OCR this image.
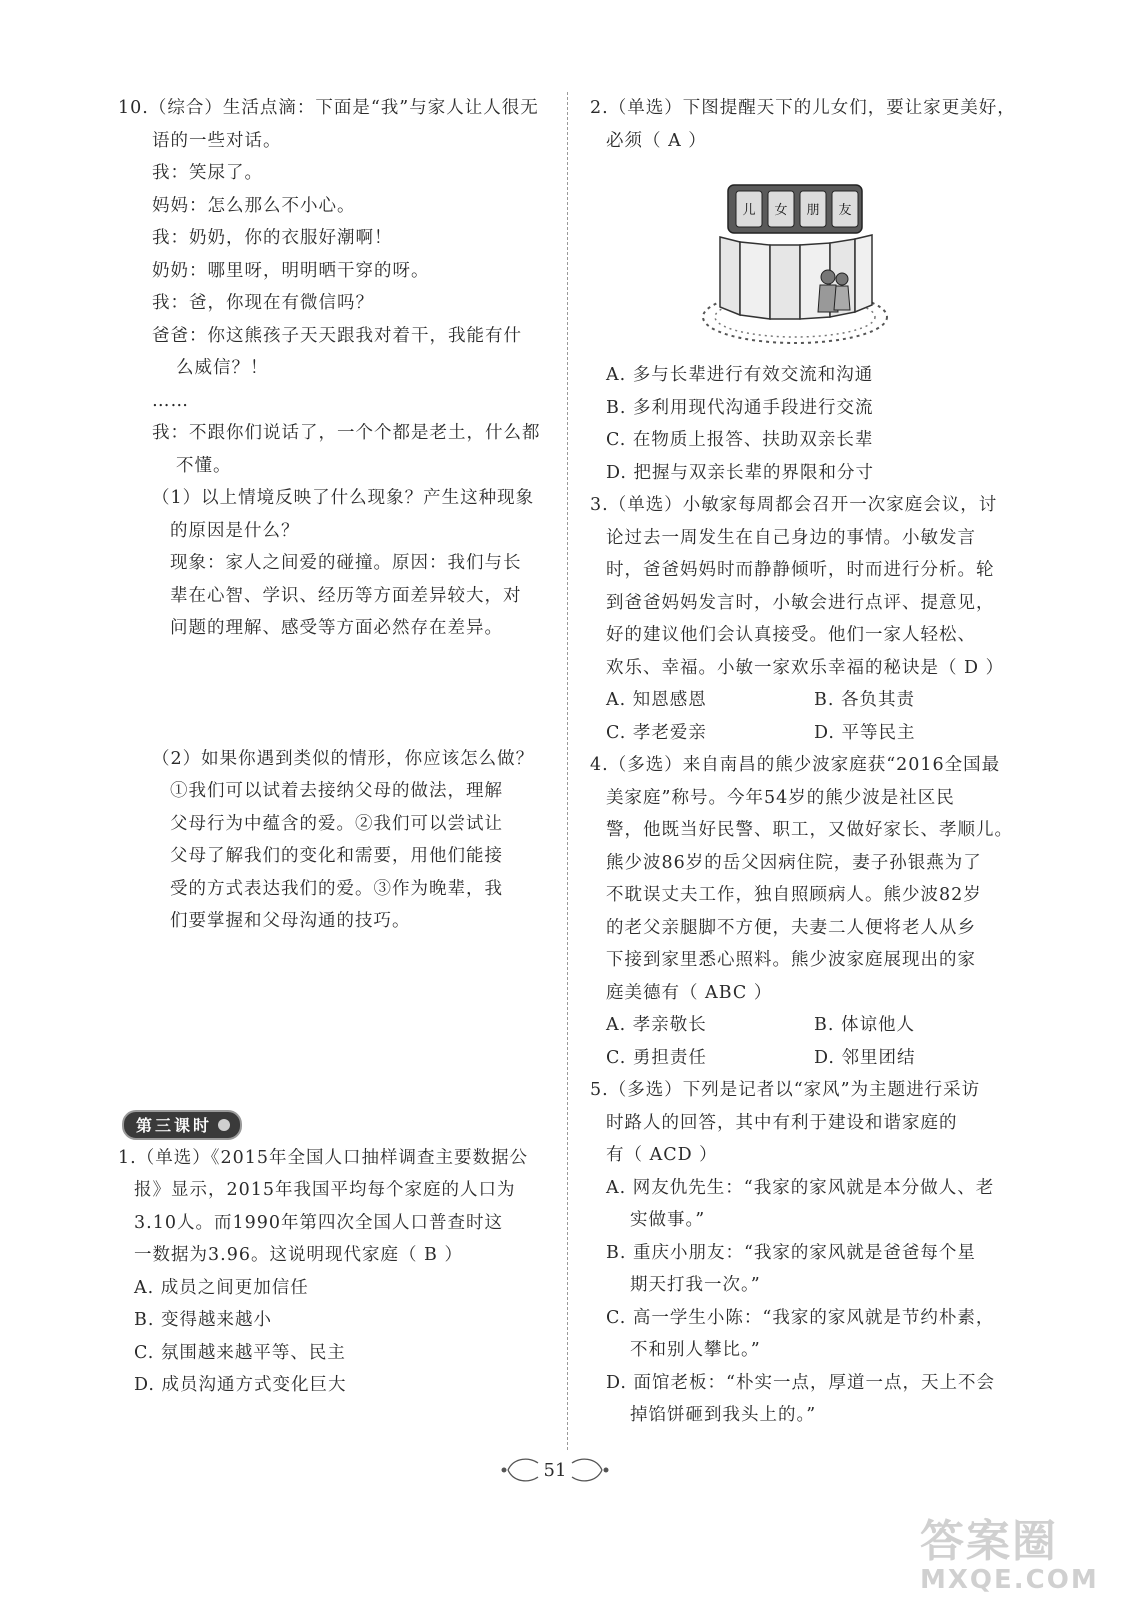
10.（综合）生活点滴：下面是“我”与家人让人很无
语的一些对话。
我：笑尿了。
妈妈：怎么那么不小心。
我：奶奶，你的衣服好潮啊！
奶奶：哪里呀，明明晒干穿的呀。
我：爸，你现在有微信吗？
爸爸：你这熊孩子天天跟我对着干，我能有什
么威信？！
……
我：不跟你们说话了，一个个都是老土，什么都
不懂。
（1）以上情境反映了什么现象？产生这种现象
的原因是什么？
现象：家人之间爱的碰撞。原因：我们与长
辈在心智、学识、经历等方面差异较大，对
问题的理解、感受等方面必然存在差异。
（2）如果你遇到类似的情形，你应该怎么做？
①我们可以试着去接纳父母的做法，理解
父母行为中蕴含的爱。②我们可以尝试让
父母了解我们的变化和需要，用他们能接
受的方式表达我们的爱。③作为晚辈，我
们要掌握和父母沟通的技巧。
第三课时
1.（单选）《2015年全国人口抽样调查主要数据公
报》显示，2015年我国平均每个家庭的人口为
3.10人。而1990年第四次全国人口普查时这
一数据为3.96。这说明现代家庭（ B ）
A. 成员之间更加信任
B. 变得越来越小
C. 氛围越来越平等、民主
D. 成员沟通方式变化巨大
2.（单选）下图提醒天下的儿女们，要让家更美好，
必须（ A ）
儿 女 朋 友
A. 多与长辈进行有效交流和沟通
B. 多利用现代沟通手段进行交流
C. 在物质上报答、扶助双亲长辈
D. 把握与双亲长辈的界限和分寸
3.（单选）小敏家每周都会召开一次家庭会议，讨
论过去一周发生在自己身边的事情。小敏发言
时，爸爸妈妈时而静静倾听，时而进行分析。轮
到爸爸妈妈发言时，小敏会进行点评、提意见，
好的建议他们会认真接受。他们一家人轻松、
欢乐、幸福。小敏一家欢乐幸福的秘诀是（ D ）
A. 知恩感恩	B. 各负其责
C. 孝老爱亲	D. 平等民主
4.（多选）来自南昌的熊少波家庭获“2016全国最
美家庭”称号。今年54岁的熊少波是社区民
警，他既当好民警、职工，又做好家长、孝顺儿。
熊少波86岁的岳父因病住院，妻子孙银燕为了
不耽误丈夫工作，独自照顾病人。熊少波82岁
的老父亲腿脚不方便，夫妻二人便将老人从乡
下接到家里悉心照料。熊少波家庭展现出的家
庭美德有（ ABC ）
A. 孝亲敬长	B. 体谅他人
C. 勇担责任	D. 邻里团结
5.（多选）下列是记者以“家风”为主题进行采访
时路人的回答，其中有利于建设和谐家庭的
有（ ACD ）
A. 网友仇先生：“我家的家风就是本分做人、老
实做事。”
B. 重庆小朋友：“我家的家风就是爸爸每个星
期天打我一次。”
C. 高一学生小陈：“我家的家风就是节约朴素，
不和别人攀比。”
D. 面馆老板：“朴实一点，厚道一点，天上不会
掉馅饼砸到我头上的。”
51
答案圈
MXQE.COM
